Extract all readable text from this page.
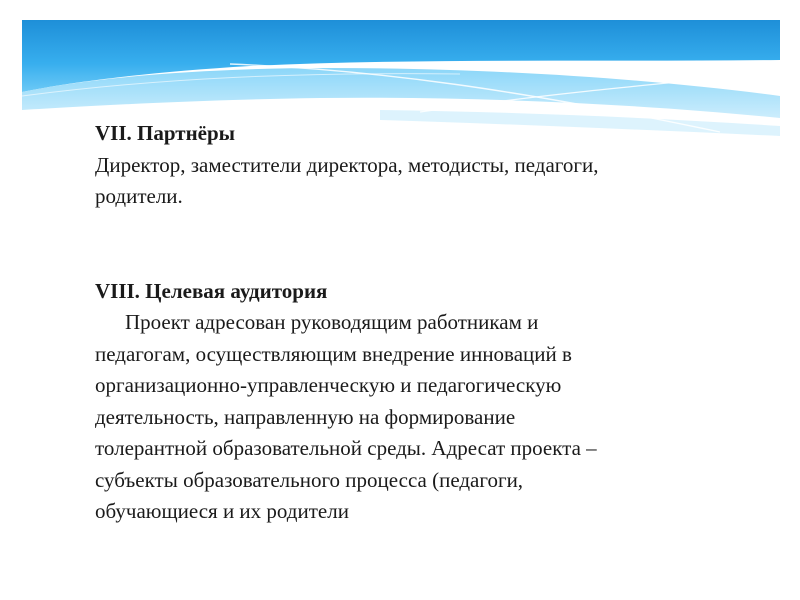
VII. Партнёры
Директор, заместители директора, методисты, педагоги,
родители.
VIII. Целевая аудитория
Проект адресован руководящим работникам и
педагогам, осуществляющим внедрение инноваций в
организационно-управленческую и педагогическую
деятельность, направленную на формирование
толерантной образовательной среды. Адресат проекта –
субъекты образовательного процесса (педагоги,
обучающиеся и их родители
